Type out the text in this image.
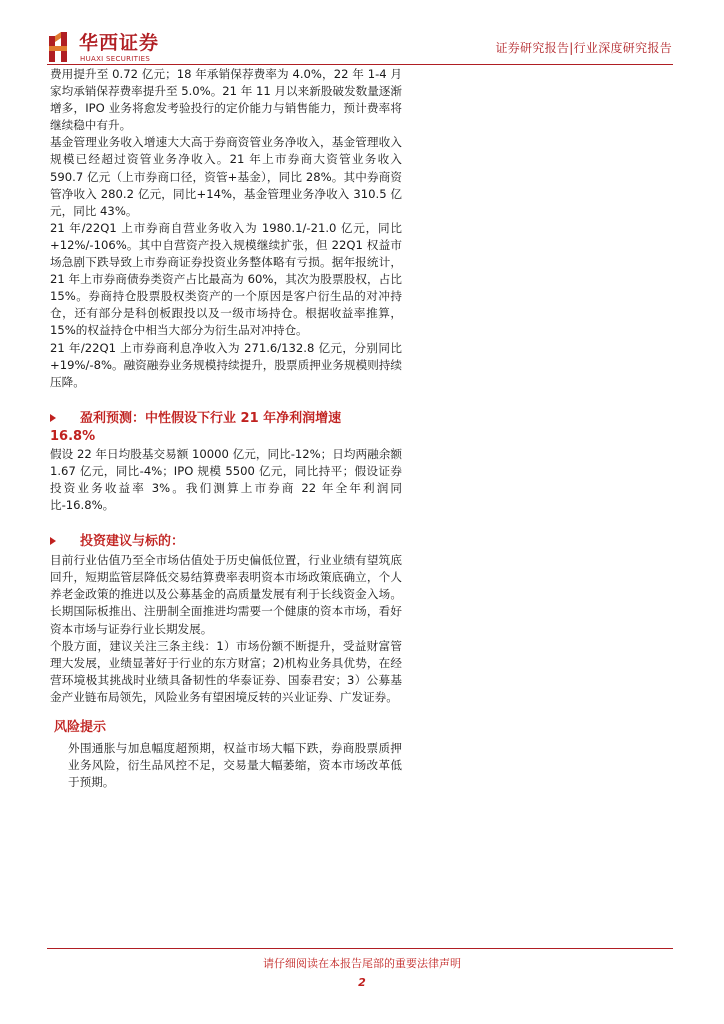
华西证券
HUAXI SECURITIES
证券研究报告|行业深度研究报告

费用提升至 0.72 亿元；18 年承销保荐费率为 4.0%，22 年 1-4 月家均承销保荐费率提升至 5.0%。21 年 11 月以来新股破发数量逐渐增多，IPO 业务将愈发考验投行的定价能力与销售能力，预计费率将继续稳中有升。

基金管理业务收入增速大大高于券商资管业务净收入，基金管理收入规模已经超过资管业务净收入。21 年上市券商大资管业务收入 590.7 亿元（上市券商口径，资管+基金），同比 28%。其中券商资管净收入 280.2 亿元，同比+14%，基金管理业务净收入 310.5 亿元，同比 43%。

21 年/22Q1 上市券商自营业务收入为 1980.1/-21.0 亿元，同比+12%/-106%。其中自营资产投入规模继续扩张，但 22Q1 权益市场急剧下跌导致上市券商证券投资业务整体略有亏损。据年报统计，21 年上市券商债券类资产占比最高为 60%，其次为股票股权，占比 15%。券商持仓股票股权类资产的一个原因是客户衍生品的对冲持仓，还有部分是科创板跟投以及一级市场持仓。根据收益率推算，15%的权益持仓中相当大部分为衍生品对冲持仓。

21 年/22Q1 上市券商利息净收入为 271.6/132.8 亿元，分别同比+19%/-8%。融资融券业务规模持续提升，股票质押业务规模则持续压降。

盈利预测：中性假设下行业 21 年净利润增速
16.8%

假设 22 年日均股基交易额 10000 亿元，同比-12%；日均两融余额 1.67 亿元，同比-4%；IPO 规模 5500 亿元，同比持平；假设证券投资业务收益率 3%。我们测算上市券商 22 年全年利润同比-16.8%。

投资建议与标的：

目前行业估值乃至全市场估值处于历史偏低位置，行业业绩有望筑底回升，短期监管层降低交易结算费率表明资本市场政策底确立，个人养老金政策的推进以及公募基金的高质量发展有利于长线资金入场。长期国际板推出、注册制全面推进均需要一个健康的资本市场，看好资本市场与证券行业长期发展。

个股方面，建议关注三条主线：1）市场份额不断提升，受益财富管理大发展，业绩显著好于行业的东方财富；2)机构业务具优势，在经营环境极其挑战时业绩具备韧性的华泰证券、国泰君安；3）公募基金产业链布局领先，风险业务有望困境反转的兴业证券、广发证券。

风险提示

外围通胀与加息幅度超预期，权益市场大幅下跌，券商股票质押业务风险，衍生品风控不足，交易量大幅萎缩，资本市场改革低于预期。

请仔细阅读在本报告尾部的重要法律声明
2
